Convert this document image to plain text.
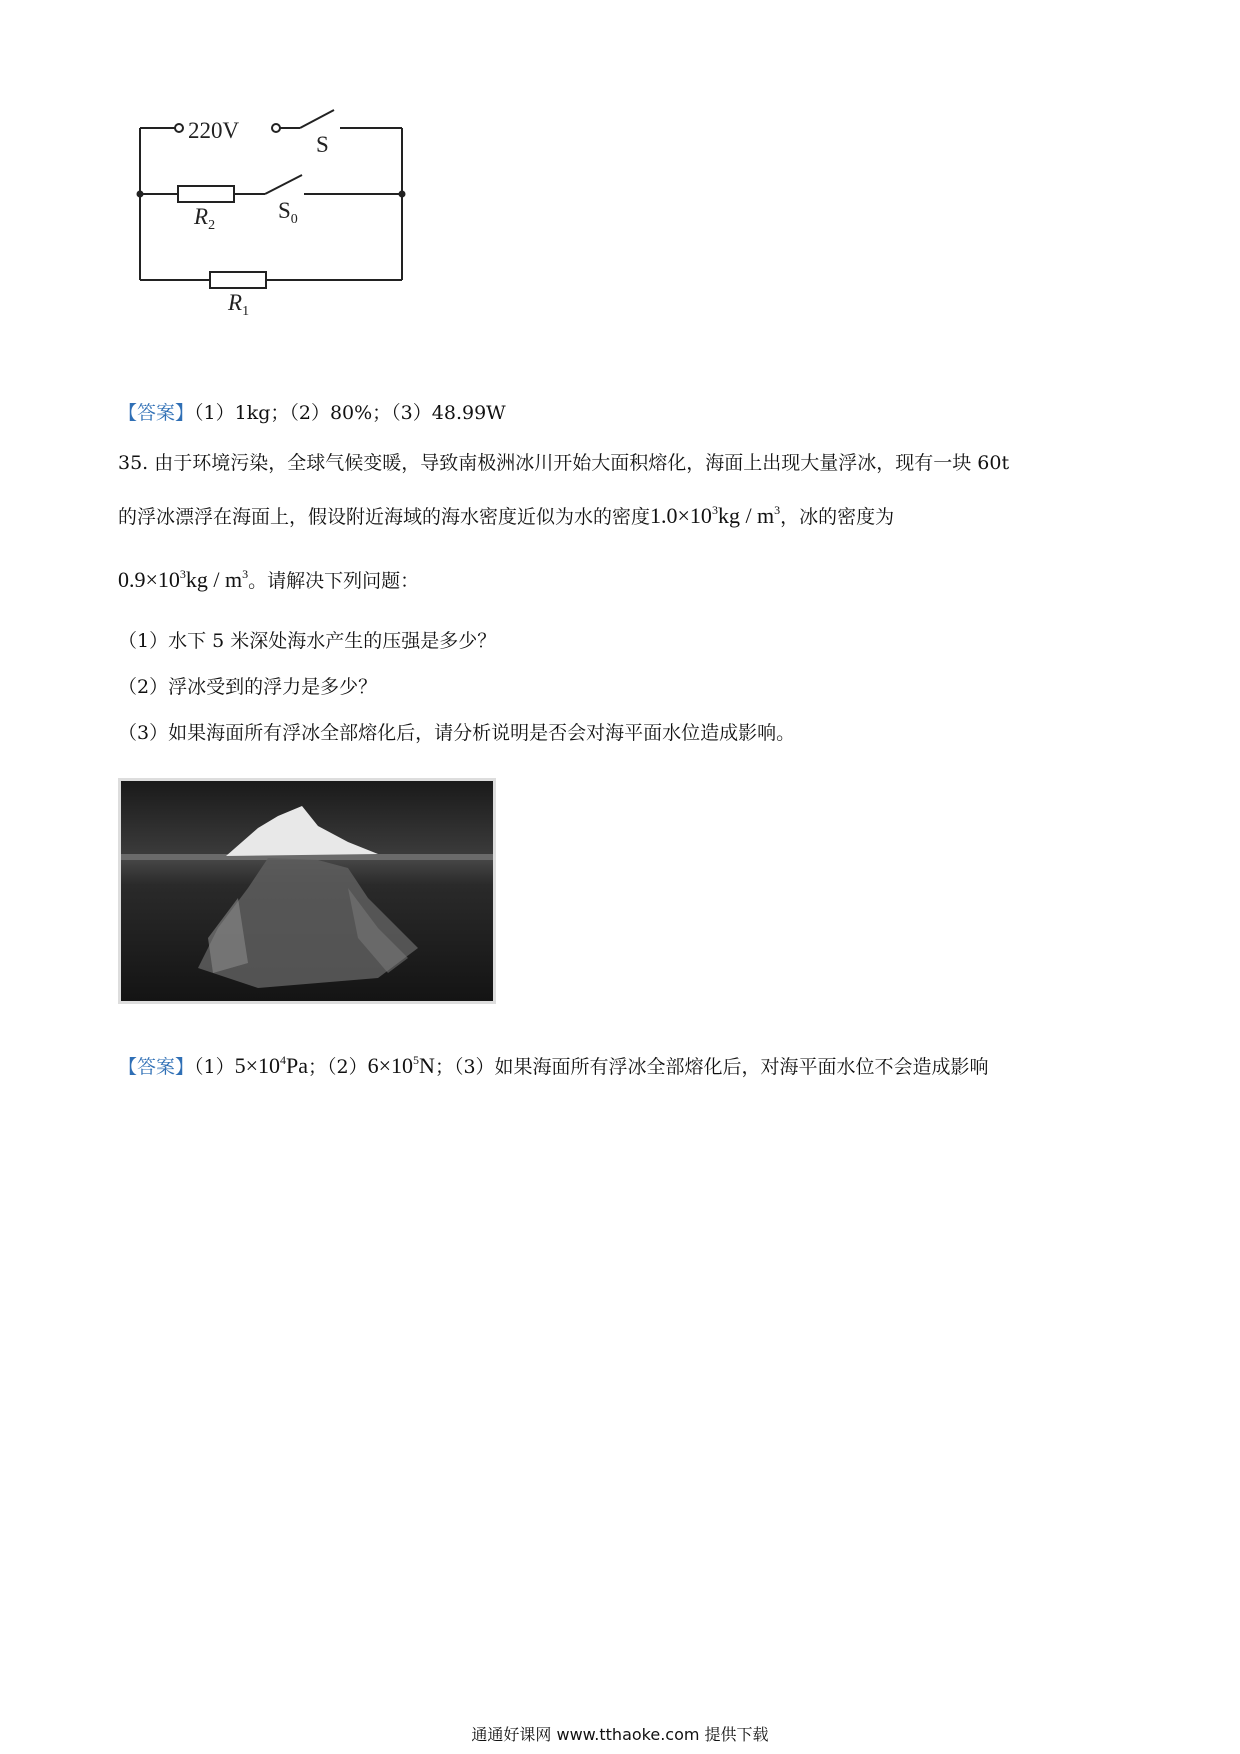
220V
S
$S_0$
$R_2$
$R_1$
【答案】（1）1kg；（2）80%；（3）48.99W
35. 由于环境污染，全球气候变暖，导致南极洲冰川开始大面积熔化，海面上出现大量浮冰，现有一块 60t
的浮冰漂浮在海面上，假设附近海域的海水密度近似为水的密度$1.0\times 10^3kg / m^3$，冰的密度为
$0.9\times 10^3kg / m^3$。请解决下列问题：
（1）水下 5 米深处海水产生的压强是多少？
（2）浮冰受到的浮力是多少？
（3）如果海面所有浮冰全部熔化后，请分析说明是否会对海平面水位造成影响。
【答案】$(1)5\times 10^4Pa$；$(2)6\times 10^5N$；（3）如果海面所有浮冰全部熔化后，对海平面水位不会造成影响
通通好课网 www.tthaoke.com 提供下载
